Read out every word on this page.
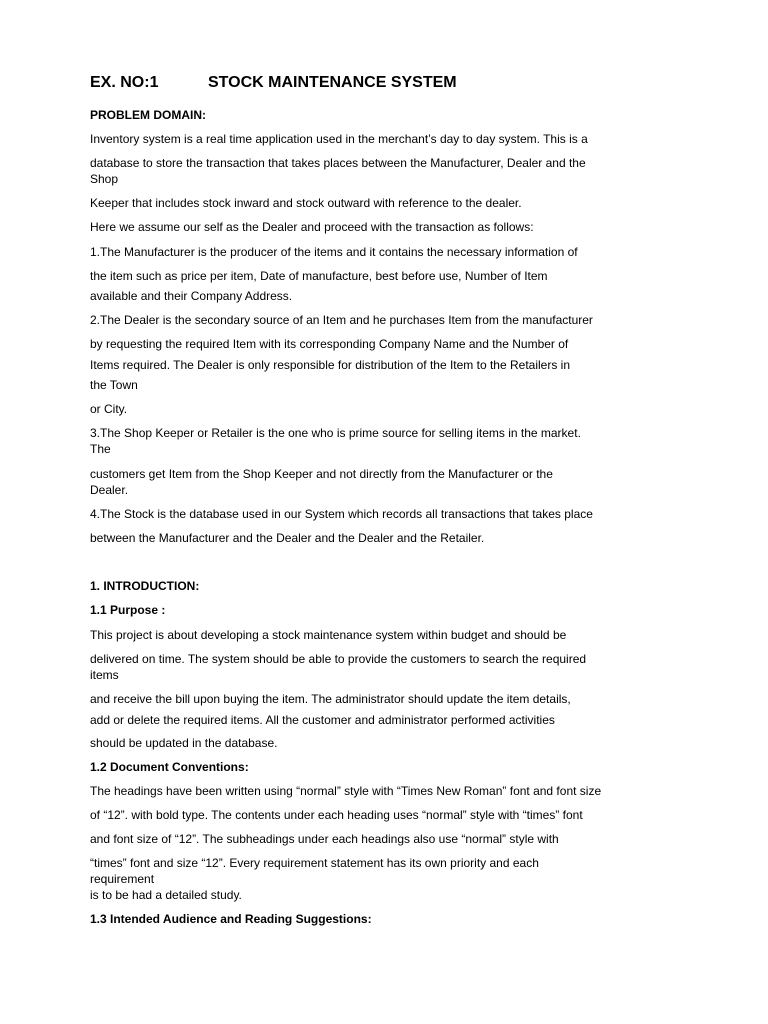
EX. NO:1	STOCK MAINTENANCE SYSTEM
PROBLEM DOMAIN:
Inventory system is a real time application used in the merchant’s day to day system. This is a
database to store the transaction that takes places between the Manufacturer, Dealer and the
Shop
Keeper that includes stock inward and stock outward with reference to the dealer.
Here we assume our self as the Dealer and proceed with the transaction as follows:
1.The Manufacturer is the producer of the items and it contains the necessary information of
the item such as price per item, Date of manufacture, best before use, Number of Item
available and their Company Address.
2.The Dealer is the secondary source of an Item and he purchases Item from the manufacturer
by requesting the required Item with its corresponding Company Name and the Number of
Items required. The Dealer is only responsible for distribution of the Item to the Retailers in
the Town
or City.
3.The Shop Keeper or Retailer is the one who is prime source for selling items in the market.
The
customers get Item from the Shop Keeper and not directly from the Manufacturer or the
Dealer.
4.The Stock is the database used in our System which records all transactions that takes place
between the Manufacturer and the Dealer and the Dealer and the Retailer.
1. INTRODUCTION:
1.1 Purpose :
This project is about developing a stock maintenance system within budget and should be
delivered on time. The system should be able to provide the customers to search the required
items
and receive the bill upon buying the item. The administrator should update the item details,
add or delete the required items. All the customer and administrator performed activities
should be updated in the database.
1.2 Document Conventions:
The headings have been written using “normal” style with “Times New Roman” font and font size
of “12”. with bold type. The contents under each heading uses “normal” style with “times” font
and font size of “12”. The subheadings under each headings also use “normal” style with
“times” font and size “12”. Every requirement statement has its own priority and each
requirement
is to be had a detailed study.
1.3 Intended Audience and Reading Suggestions:
